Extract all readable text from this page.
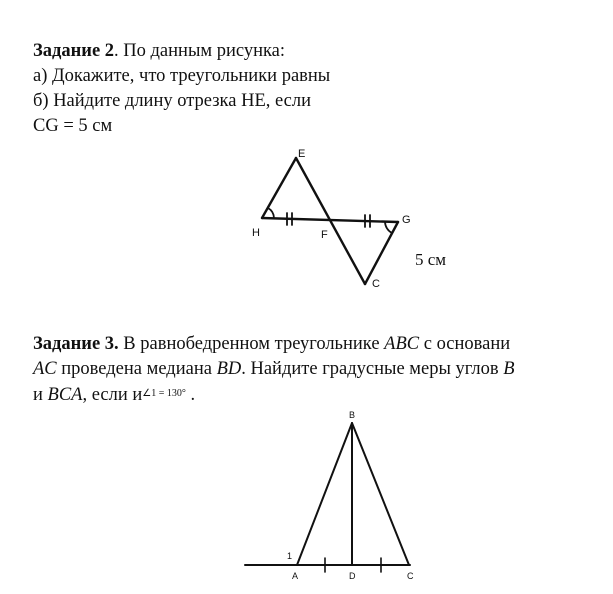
Задание 2. По данным рисунка:
а) Докажите, что треугольники равны
б) Найдите длину отрезка HE, если
CG = 5 см
E
H	F
G
C
5 см
Задание 3. В равнобедренном треугольнике ABC с основани
AC проведена медиана BD. Найдите градусные меры углов B
и BCA, если $и^{\angle 1 = 130^\circ}$ .
B
1
A	D	C
